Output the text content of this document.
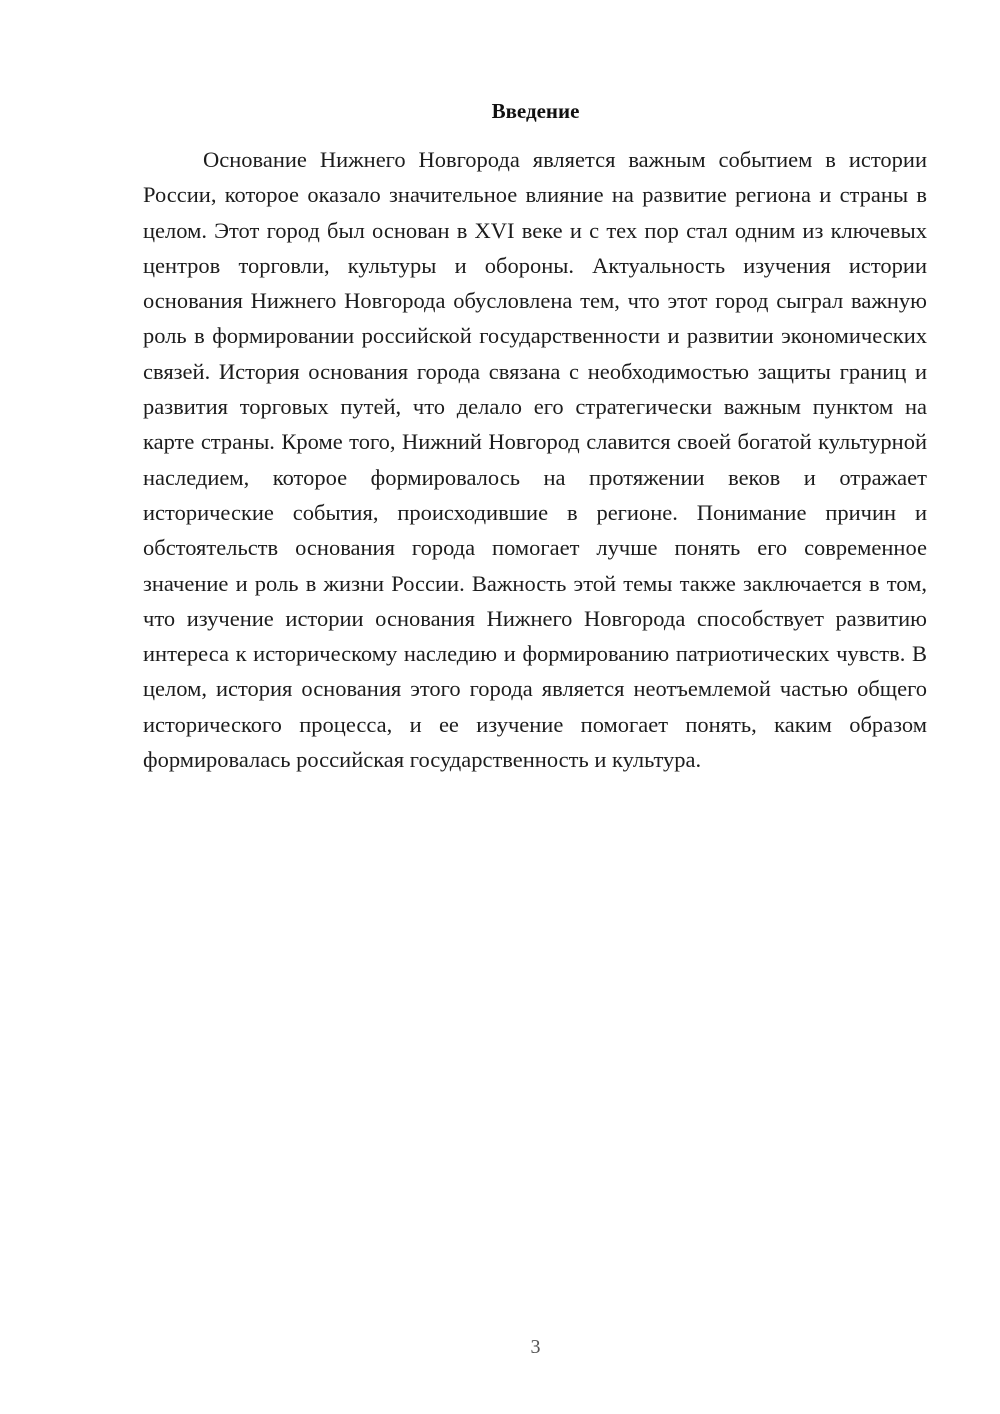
Введение

Основание Нижнего Новгорода является важным событием в истории России, которое оказало значительное влияние на развитие региона и страны в целом. Этот город был основан в XVI веке и с тех пор стал одним из ключевых центров торговли, культуры и обороны. Актуальность изучения истории основания Нижнего Новгорода обусловлена тем, что этот город сыграл важную роль в формировании российской государственности и развитии экономических связей. История основания города связана с необходимостью защиты границ и развития торговых путей, что делало его стратегически важным пунктом на карте страны. Кроме того, Нижний Новгород славится своей богатой культурной наследием, которое формировалось на протяжении веков и отражает исторические события, происходившие в регионе. Понимание причин и обстоятельств основания города помогает лучше понять его современное значение и роль в жизни России. Важность этой темы также заключается в том, что изучение истории основания Нижнего Новгорода способствует развитию интереса к историческому наследию и формированию патриотических чувств. В целом, история основания этого города является неотъемлемой частью общего исторического процесса, и ее изучение помогает понять, каким образом формировалась российская государственность и культура.

3
